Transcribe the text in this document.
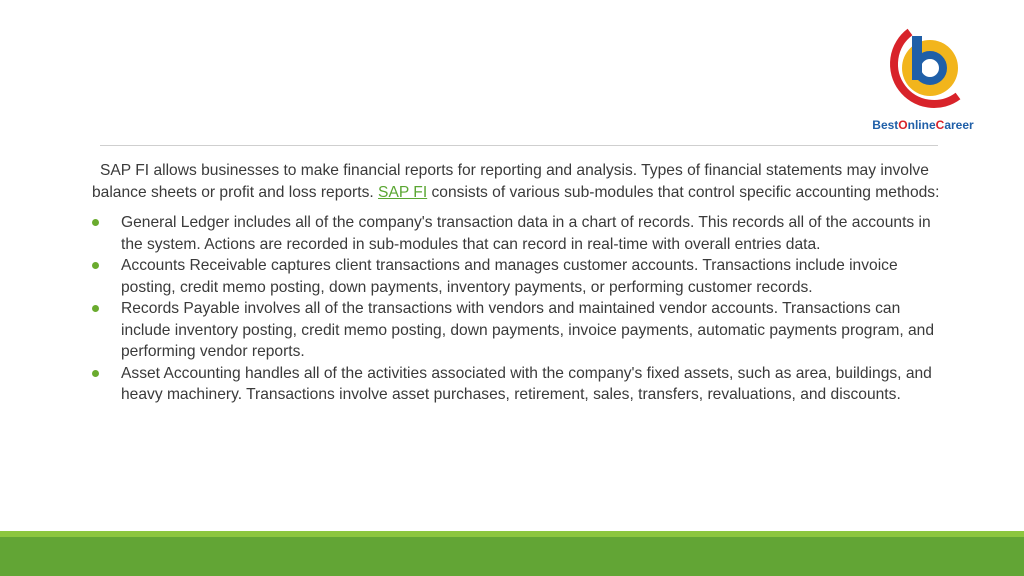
BestOnlineCareer

SAP FI allows businesses to make financial reports for reporting and analysis. Types of financial statements may involve balance sheets or profit and loss reports. SAP FI consists of various sub-modules that control specific accounting methods:

General Ledger includes all of the company's transaction data in a chart of records. This records all of the accounts in the system. Actions are recorded in sub-modules that can record in real-time with overall entries data.
Accounts Receivable captures client transactions and manages customer accounts. Transactions include invoice posting, credit memo posting, down payments, inventory payments, or performing customer records.
Records Payable involves all of the transactions with vendors and maintained vendor accounts. Transactions can include inventory posting, credit memo posting, down payments, invoice payments, automatic payments program, and performing vendor reports.
Asset Accounting handles all of the activities associated with the company's fixed assets, such as area, buildings, and heavy machinery. Transactions involve asset purchases, retirement, sales, transfers, revaluations, and discounts.
